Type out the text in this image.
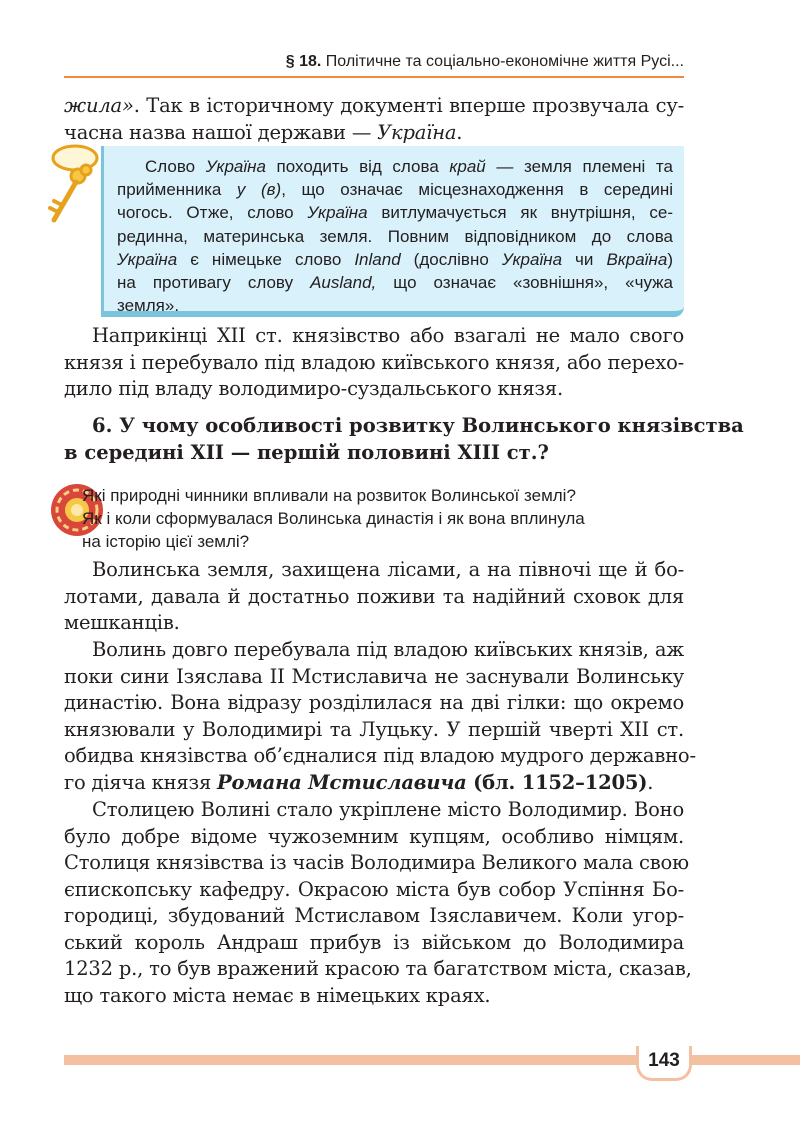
§ 18. Політичне та соціально-економічне життя Русі...
жила». Так в історичному документі вперше прозвучала су-
часна назва нашої держави — Україна.
Слово Україна походить від слова край — земля племені та
прийменника у (в), що означає місцезнаходження в середині
чогось. Отже, слово Україна витлумачується як внутрішня, се-
рединна, материнська земля. Повним відповідником до слова
Україна є німецьке слово Inland (дослівно Україна чи Вкраїна)
на противагу слову Ausland, що означає «зовнішня», «чужа
земля».
Наприкінці XII ст. князівство або взагалі не мало свого
князя і перебувало під владою київського князя, або перехо-
дило під владу володимиро-суздальського князя.
6. У чому особливості розвитку Волинського князівства
в середині XII — першій половині XIII ст.?
Які природні чинники впливали на розвиток Волинської землі?
Як і коли сформувалася Волинська династія і як вона вплинула
на історію цієї землі?
Волинська земля, захищена лісами, а на півночі ще й бо-
лотами, давала й достатньо поживи та надійний сховок для
мешканців.
Волинь довго перебувала під владою київських князів, аж
поки сини Ізяслава II Мстиславича не заснували Волинську
династію. Вона відразу розділилася на дві гілки: що окремо
князювали у Володимирі та Луцьку. У першій чверті XII ст.
обидва князівства об’єдналися під владою мудрого державно-
го діяча князя Романа Мстиславича (бл. 1152–1205).
Столицею Волині стало укріплене місто Володимир. Воно
було добре відоме чужоземним купцям, особливо німцям.
Столиця князівства із часів Володимира Великого мала свою
єпископську кафедру. Окрасою міста був собор Успіння Бо-
городиці, збудований Мстиславом Ізяславичем. Коли угор-
ський король Андраш прибув із військом до Володимира
1232 р., то був вражений красою та багатством міста, сказав,
що такого міста немає в німецьких краях.
143
